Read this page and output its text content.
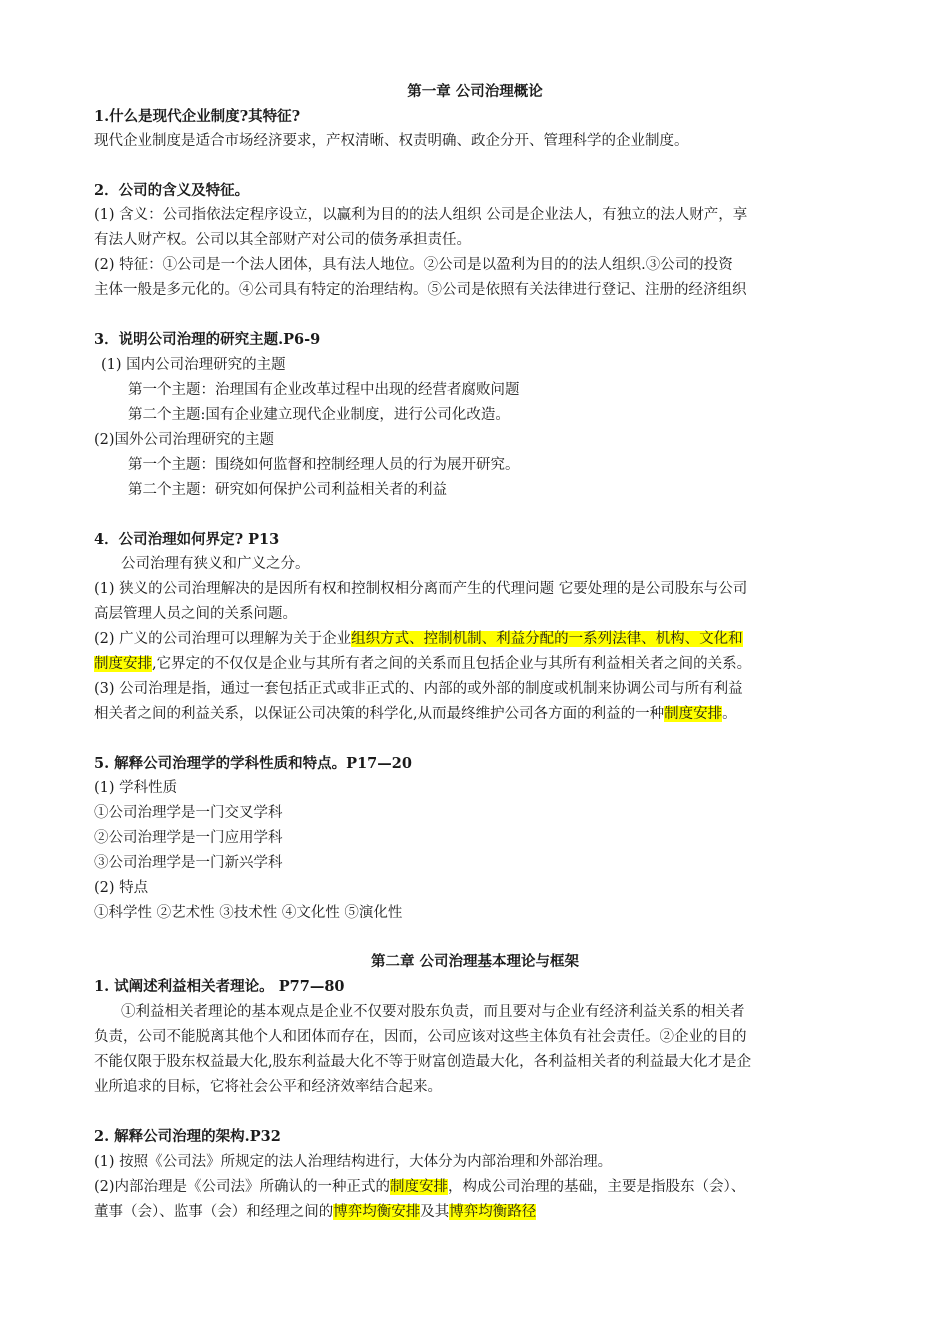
第一章 公司治理概论
1.什么是现代企业制度?其特征?
现代企业制度是适合市场经济要求，产权清晰、权责明确、政企分开、管理科学的企业制度。
2．公司的含义及特征。
(1) 含义：公司指依法定程序设立，以赢利为目的的法人组织 公司是企业法人，有独立的法人财产，享
有法人财产权。公司以其全部财产对公司的债务承担责任。
(2) 特征：①公司是一个法人团体，具有法人地位。②公司是以盈利为目的的法人组织.③公司的投资
主体一般是多元化的。④公司具有特定的治理结构。⑤公司是依照有关法律进行登记、注册的经济组织
3．说明公司治理的研究主题.P6-9
(1) 国内公司治理研究的主题
第一个主题：治理国有企业改革过程中出现的经营者腐败问题
第二个主题:国有企业建立现代企业制度，进行公司化改造。
(2)国外公司治理研究的主题
第一个主题：围绕如何监督和控制经理人员的行为展开研究。
第二个主题：研究如何保护公司利益相关者的利益
4．公司治理如何界定? P13
公司治理有狭义和广义之分。
(1) 狭义的公司治理解决的是因所有权和控制权相分离而产生的代理问题 它要处理的是公司股东与公司
高层管理人员之间的关系问题。
(2) 广义的公司治理可以理解为关于企业组织方式、控制机制、利益分配的一系列法律、机构、文化和
制度安排,它界定的不仅仅是企业与其所有者之间的关系而且包括企业与其所有利益相关者之间的关系。
(3) 公司治理是指，通过一套包括正式或非正式的、内部的或外部的制度或机制来协调公司与所有利益
相关者之间的利益关系，以保证公司决策的科学化,从而最终维护公司各方面的利益的一种制度安排。
5. 解释公司治理学的学科性质和特点。P17—20
(1) 学科性质
①公司治理学是一门交叉学科
②公司治理学是一门应用学科
③公司治理学是一门新兴学科
(2) 特点
①科学性 ②艺术性 ③技术性 ④文化性 ⑤演化性
第二章 公司治理基本理论与框架
1. 试阐述利益相关者理论。 P77—80
①利益相关者理论的基本观点是企业不仅要对股东负责，而且要对与企业有经济利益关系的相关者
负责，公司不能脱离其他个人和团体而存在，因而，公司应该对这些主体负有社会责任。②企业的目的
不能仅限于股东权益最大化,股东利益最大化不等于财富创造最大化，各利益相关者的利益最大化才是企
业所追求的目标，它将社会公平和经济效率结合起来。
2. 解释公司治理的架构.P32
(1) 按照《公司法》所规定的法人治理结构进行，大体分为内部治理和外部治理。
(2)内部治理是《公司法》所确认的一种正式的制度安排，构成公司治理的基础，主要是指股东（会）、
董事（会）、监事（会）和经理之间的博弈均衡安排及其博弈均衡路径
